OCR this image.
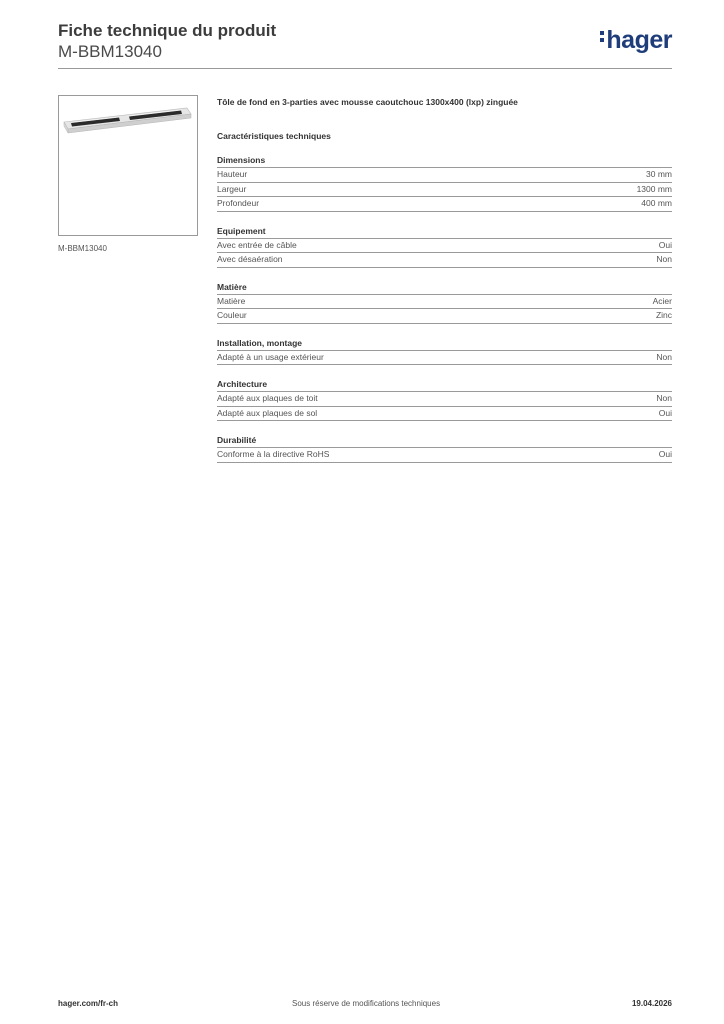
Fiche technique du produit
M-BBM13040	hager
M-BBM13040
Tôle de fond en 3-parties avec mousse caoutchouc 1300x400 (lxp) zinguée
Caractéristiques techniques
Dimensions
Hauteur	30 mm
Largeur	1300 mm
Profondeur	400 mm
Equipement
Avec entrée de câble	Oui
Avec désaération	Non
Matière
Matière	Acier
Couleur	Zinc
Installation, montage
Adapté à un usage extérieur	Non
Architecture
Adapté aux plaques de toit	Non
Adapté aux plaques de sol	Oui
Durabilité
Conforme à la directive RoHS	Oui
hager.com/fr-ch	Sous réserve de modifications techniques	19.04.2026
